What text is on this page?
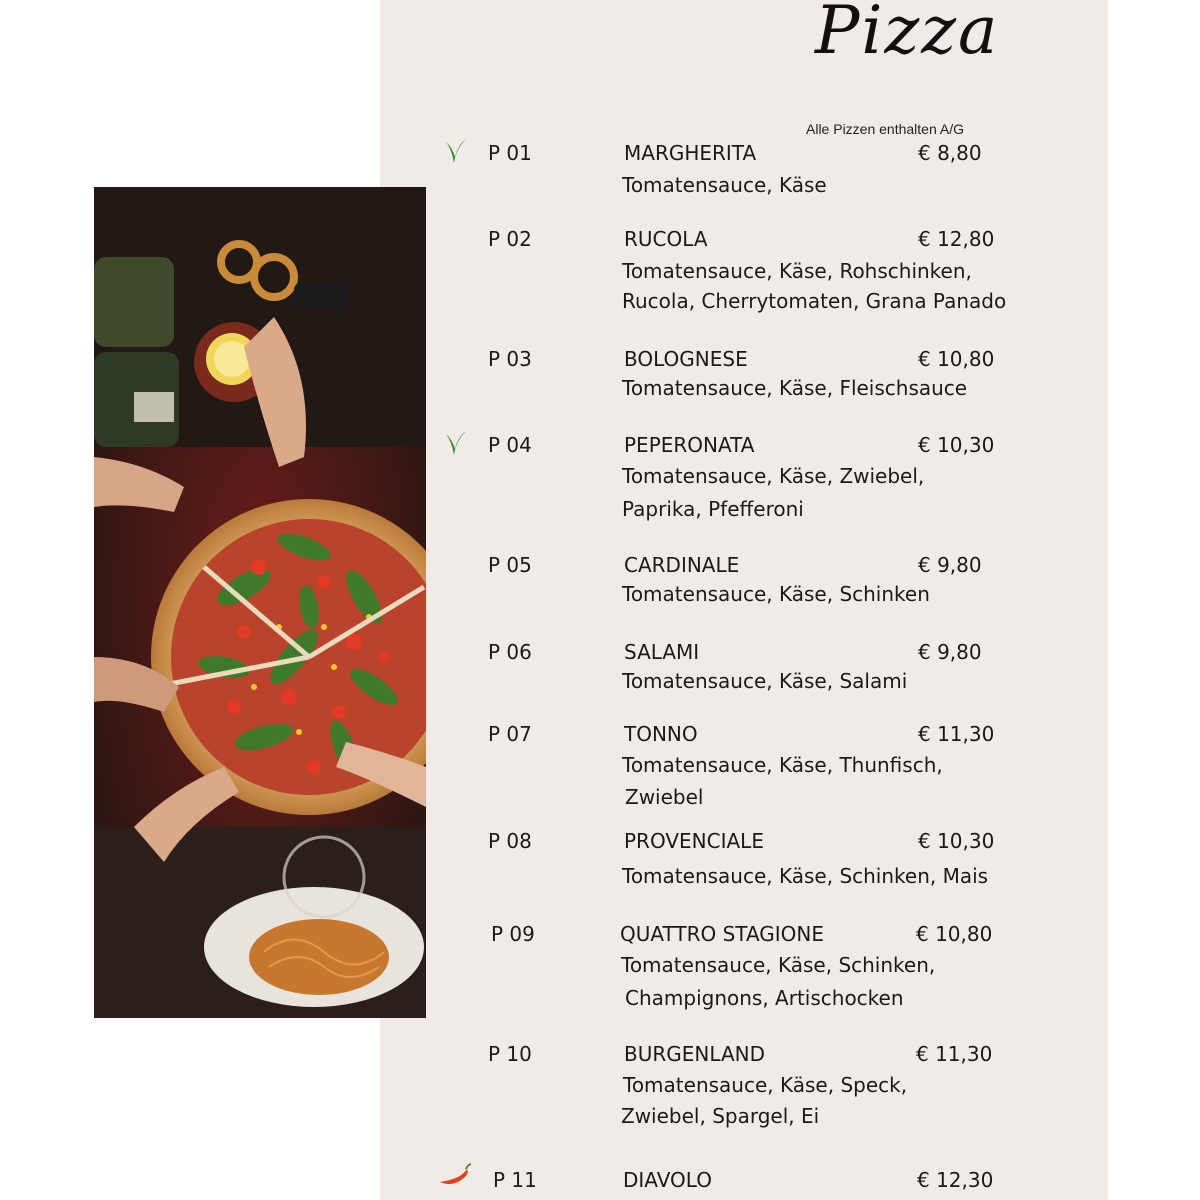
Pizza
Alle Pizzen enthalten A/G
P 01	MARGHERITA	€ 8,80
Tomatensauce, Käse
P 02	RUCOLA	€ 12,80
Tomatensauce, Käse, Rohschinken,
Rucola, Cherrytomaten, Grana Panado
P 03	BOLOGNESE	€ 10,80
Tomatensauce, Käse, Fleischsauce
P 04	PEPERONATA	€ 10,30
Tomatensauce, Käse, Zwiebel,
Paprika, Pfefferoni
P 05	CARDINALE	€ 9,80
Tomatensauce, Käse, Schinken
P 06	SALAMI	€ 9,80
Tomatensauce, Käse, Salami
P 07	TONNO	€ 11,30
Tomatensauce, Käse, Thunfisch,
Zwiebel
P 08	PROVENCIALE	€ 10,30
Tomatensauce, Käse, Schinken, Mais
P 09	QUATTRO STAGIONE	€ 10,80
Tomatensauce, Käse, Schinken,
Champignons, Artischocken
P 10	BURGENLAND	€ 11,30
Tomatensauce, Käse, Speck,
Zwiebel, Spargel, Ei
P 11	DIAVOLO	€ 12,30
